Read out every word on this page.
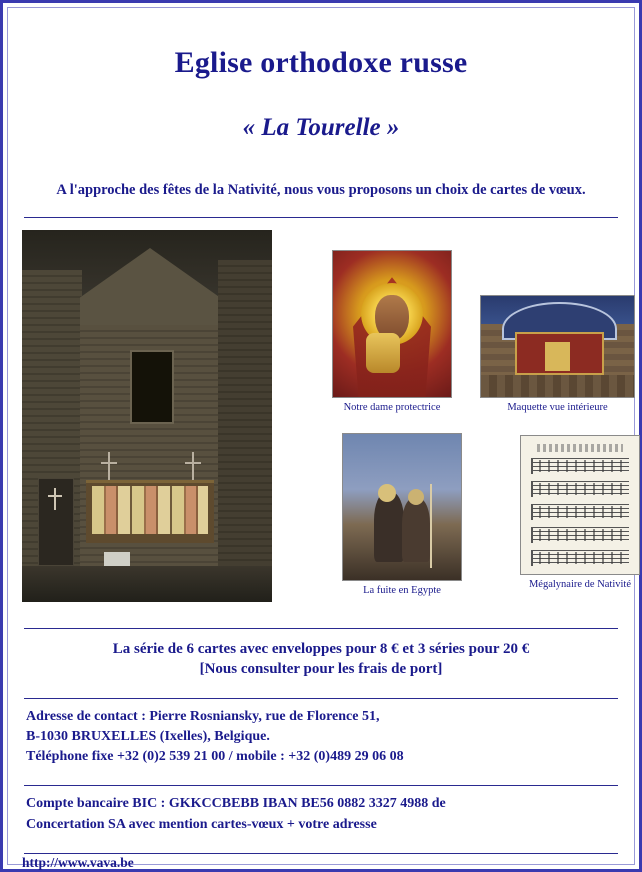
Eglise orthodoxe russe
« La Tourelle »

A l'approche des fêtes de la Nativité, nous vous proposons un choix de cartes de vœux.

Notre dame protectrice	Maquette vue intérieure
La fuite en Egypte
Mégalynaire de Nativité
La série de 6 cartes avec enveloppes pour 8 € et 3 séries pour 20 €
[Nous consulter pour les frais de port]
Adresse de contact : Pierre Rosniansky, rue de Florence 51,
B-1030 BRUXELLES (Ixelles), Belgique.
Téléphone fixe +32 (0)2 539 21 00 / mobile : +32 (0)489 29 06 08
Compte bancaire BIC : GKKCCBEBB IBAN BE56 0882 3327 4988 de
Concertation SA avec mention cartes-vœux + votre adresse
http://www.vava.be
